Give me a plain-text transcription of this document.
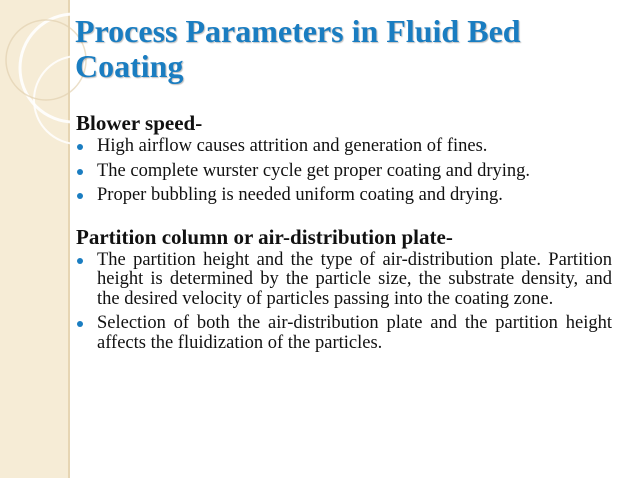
Process Parameters in Fluid Bed Coating

Blower speed-

High airflow causes attrition and generation of fines.
The complete wurster cycle get proper coating and drying.
Proper bubbling is needed uniform coating and drying.

Partition column or air-distribution plate-

The partition height and the type of air-distribution plate. Partition height is determined by the particle size, the substrate density, and the desired velocity of particles passing into the coating zone.
Selection of both the air-distribution plate and the partition height affects the fluidization of the particles.
